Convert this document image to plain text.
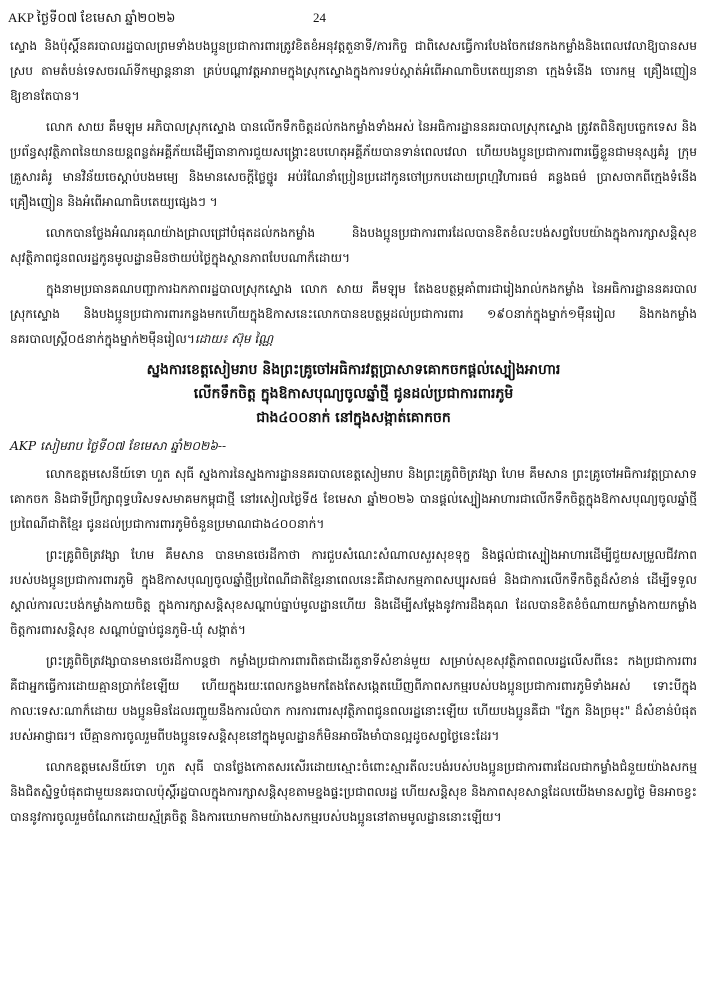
AKP ថ្ងៃទី០៧ ខែមេសា ឆ្នាំ២០២៦	24

ស្ទោង និងប៉ុស្តិ៍នគរបាលរដ្ឋបាលព្រមទាំងបងប្អូនប្រជាការពារត្រូវខិតខំអនុវត្តតួនាទី/ភារកិច្ច ជាពិសេសធ្វើការបែងចែកវេនកងកម្លាំងនិងពេលវេលាឱ្យបានសមស្រប តាមតំបន់ទេសចរណ៍ទីកម្សាន្តនានា គ្រប់បណ្តាវត្តអារាមក្នុងស្រុកស្ទោងក្នុងការទប់ស្កាត់អំពើអាណាចិបតេយ្យនានា ក្មេងទំនើង ចោរកម្ម គ្រឿងញៀន ឱ្យខានតែបាន។

លោក សាយ គឹមឡុម អភិបាលស្រុកស្ទោង បានលើកទឹកចិត្តដល់កងកម្លាំងទាំងអស់ នៃអធិការដ្ឋាននគរបាលស្រុកស្ទោង ត្រូវតពិនិត្យបច្ចេកទេស និងប្រព័ន្ធសុវត្ថិភាពនៃយានយន្តពន្លត់អគ្គីភ័យដើម្បីធានាការជួយសង្គ្រោះឧបហេតុអគ្គីភ័យបានទាន់ពេលវេលា ហើយបងប្អូនប្រជាការពារធ្វើខ្លួនជាមនុស្សគំរូ ក្រុមគ្រួសារគំរូ មានវិន័យចេស្តាប់បងមម្យេ និងមានសេចក្តីថ្លៃថ្នូរ អប់រំណែនាំប្រៀនប្រដៅកូនចៅប្រកបដោយព្រហ្មវិហារធម៌ គន្លងធម៌ ប្រាសចាកពីក្មេងទំនើង គ្រឿងញៀន និងអំពើអាណាធិបតេយ្យផ្សេងៗ ។

លោកបានថ្លែងអំណរគុណយ៉ាងជ្រាលជ្រៅបំផុតដល់កងកម្លាំង និងបងប្អូនប្រជាការពារដែលបានខិតខំលះបង់សព្វបែបយ៉ាងក្នុងការក្សាសន្តិសុខសុវត្ថិភាពជូនពលរដ្ឋកូនមូលដ្ឋានមិនថាយប់ថ្ងៃក្នុងស្ថានភាពបែបណាក៏ដោយ។

ក្នុងនាមប្រធានគណបញ្ជាការឯកភាពរដ្ឋបាលស្រុកស្ទោង លោក សាយ គឹមឡុម តែងឧបត្ថម្ភគាំពារជារៀងរាល់កងកម្លាំង នៃអធិការដ្ឋាននគរបាលស្រុកស្ទោង និងបងប្អូនប្រជាការពារកន្លងមកហើយក្នុងឱកាសនេះលោកបានឧបត្ថម្ភដល់ប្រជាការពារ ១៩០នាក់ក្នុងម្នាក់១ម៉ឺនរៀល និងកងកម្លាំងនគរបាលស្រ្តី០៥នាក់ក្នុងម្នាក់២ម៉ឺនរៀល។ដោយ៖ ស៊ុម ណ្ណៃ

ស្នងការខេត្តសៀមរាប និងព្រះគ្រូចៅអធិការវត្តប្រាសាទគោកចកផ្ដល់ស្បៀងអាហារ
លើកទឹកចិត្ត ក្នុងឱកាសបុណ្យចូលឆ្នាំថ្មី ជូនដល់ប្រជាការពារភូមិ
ជាង៤០០នាក់ នៅក្នុងសង្កាត់គោកចក
AKP សៀមរាប ថ្ងៃទី០៧ ខែមេសា ឆ្នាំ២០២៦--

លោកឧត្តមសេនីយ៍ទោ ហួត សុធី ស្នងការនៃស្នងការដ្ឋាននគរបាលខេត្តសៀមរាប និងព្រះគ្រូពិចិត្រវង្សា ហែម គឹមសាន ព្រះគ្រូចៅអធិការវត្តប្រាសាទគោកចក និងជាទីប្រឹក្សាពុទ្ធបរិសទសមាគមកម្ពុជាថ្មី នៅរសៀលថ្ងៃទី៥ ខែមេសា ឆ្នាំ២០២៦ បានផ្ដល់ស្បៀងអាហារជាលើកទឹកចិត្តក្នុងឱកាសបុណ្យចូលឆ្នាំថ្មីប្រពៃណីជាតិខ្មែរ ជូនដល់ប្រជាការពារភូមិចំនួនប្រមាណជាង៤០០នាក់។

ព្រះគ្រូពិចិត្រវង្សា ហែម គឹមសាន បានមានថេរដីកាថា ការជួបសំណេះសំណាលសួរសុខទុក្ខ និងផ្ដល់ជាស្បៀងអាហារដើម្បីជួយសម្រួលជីវភាពរបស់បងប្អូនប្រជាការពារភូមិ ក្នុងឱកាសបុណ្យចូលឆ្នាំថ្មីប្រពៃណីជាតិខ្មែរនាពេលនេះគឺជាសកម្មភាពសប្បុរសធម៌ និងជាការលើកទឹកចិត្តដ៏សំខាន់ ដើម្បីទទួលស្គាល់ការលះបង់កម្លាំងកាយចិត្ត ក្នុងការក្សាសន្តិសុខសណ្ដាប់ធ្នាប់មូលដ្ឋានហើយ និងដើម្បីសម្ដែងនូវការដឹងគុណ ដែលបានខិតខំចំណាយកម្លាំងកាយកម្លាំងចិត្តការពារសន្តិសុខ សណ្ដាប់ធ្នាប់ជូនភូមិ-ឃុំ សង្កាត់។

ព្រះគ្រូពិចិត្រវង្សាបានមានថេរដីកាបន្តថា កម្លាំងប្រជាការពារពិតជាដើរតួនាទីសំខាន់មួយ សម្រាប់សុខសុវត្ថិភាពពលរដ្ឋលើសពីនេះ កងប្រជាការពារ គឺជាអ្នកធ្វើការដោយគ្មានប្រាក់ខែឡើយ ហើយក្នុងរយៈពេលកន្លងមកតែងតែសង្កេតឃើញពីភាពសកម្មរបស់បងប្អូនប្រជាការពារភូមិទាំងអស់ ទោះបីក្នុងកាលៈទេសៈណាក៏ដោយ បងប្អូនមិនដែលរញ្ជួយនឹងការលំបាក ការការពារសុវត្ថិភាពជូនពលរដ្ឋនោះឡើយ ហើយបងប្អូនគឺជា "ភ្នែក និងច្រមុះ" ដ៏សំខាន់បំផុតរបស់អាជ្ញាធរ។ បើគ្មានការចូលរួមពីបងប្អូនទេសន្តិសុខនៅក្នុងមូលដ្ឋានក៏មិនអាចរីងមាំបានល្អដូចសព្វថ្ងៃនេះដែរ។

លោកឧត្តមសេនីយ៍ទោ ហួត សុធី បានថ្លែងកោតសរសើរដោយស្មោះចំពោះស្មារតីលះបង់របស់បងប្អូនប្រជាការពារដែលជាកម្លាំងជំនួយយ៉ាងសកម្ម និងជិតស្និទ្ធបំផុតជាមួយនគរបាលប៉ុស្តិ៍រដ្ឋបាលក្នុងការក្សាសន្តិសុខតាមខ្នងផ្ទះប្រជាពលរដ្ឋ ហើយសន្តិសុខ និងភាពសុខសាន្តដែលយើងមានសព្វថ្ងៃ មិនអាចខ្វះបាននូវការចូលរួមចំណែកដោយស្ម័គ្រចិត្ត និងការឃោមកាមយ៉ាងសកម្មរបស់បងប្អូននៅតាមមូលដ្ឋាននោះឡើយ។
